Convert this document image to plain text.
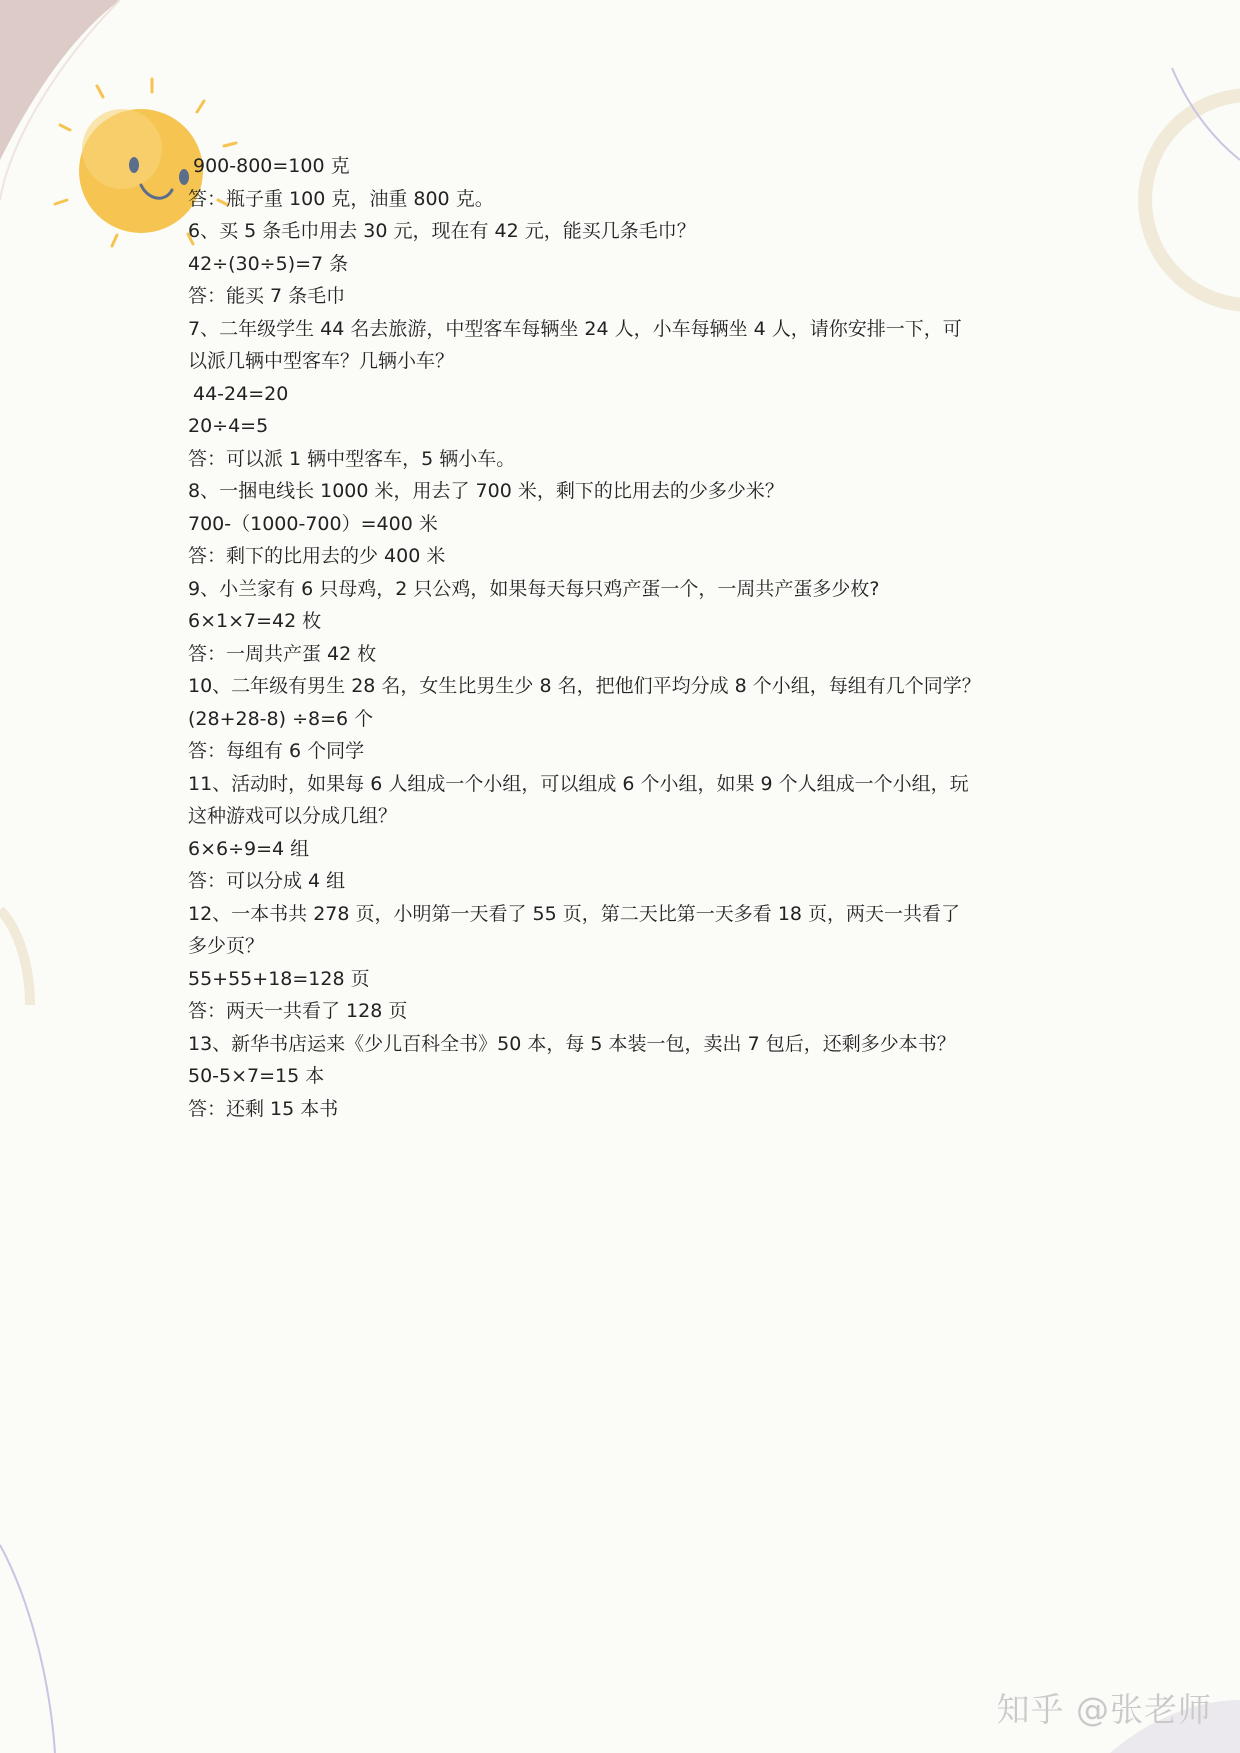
900-800=100 克
答：瓶子重 100 克，油重 800 克。
6、买 5 条毛巾用去 30 元，现在有 42 元，能买几条毛巾？
42÷(30÷5)=7 条
答：能买 7 条毛巾
7、二年级学生 44 名去旅游，中型客车每辆坐 24 人，小车每辆坐 4 人，请你安排一下，可
以派几辆中型客车？几辆小车？
44-24=20
20÷4=5
答：可以派 1 辆中型客车，5 辆小车。
8、一捆电线长 1000 米，用去了 700 米，剩下的比用去的少多少米？
700-（1000-700）=400 米
答：剩下的比用去的少 400 米
9、小兰家有 6 只母鸡，2 只公鸡，如果每天每只鸡产蛋一个，一周共产蛋多少枚?
6×1×7=42 枚
答：一周共产蛋 42 枚
10、二年级有男生 28 名，女生比男生少 8 名，把他们平均分成 8 个小组，每组有几个同学？
(28+28-8) ÷8=6 个
答：每组有 6 个同学
11、活动时，如果每 6 人组成一个小组，可以组成 6 个小组，如果 9 个人组成一个小组，玩
这种游戏可以分成几组？
6×6÷9=4 组
答：可以分成 4 组
12、一本书共 278 页，小明第一天看了 55 页，第二天比第一天多看 18 页，两天一共看了
多少页？
55+55+18=128 页
答：两天一共看了 128 页
13、新华书店运来《少儿百科全书》50 本，每 5 本装一包，卖出 7 包后，还剩多少本书？
50-5×7=15 本
答：还剩 15 本书
知乎 @张老师
